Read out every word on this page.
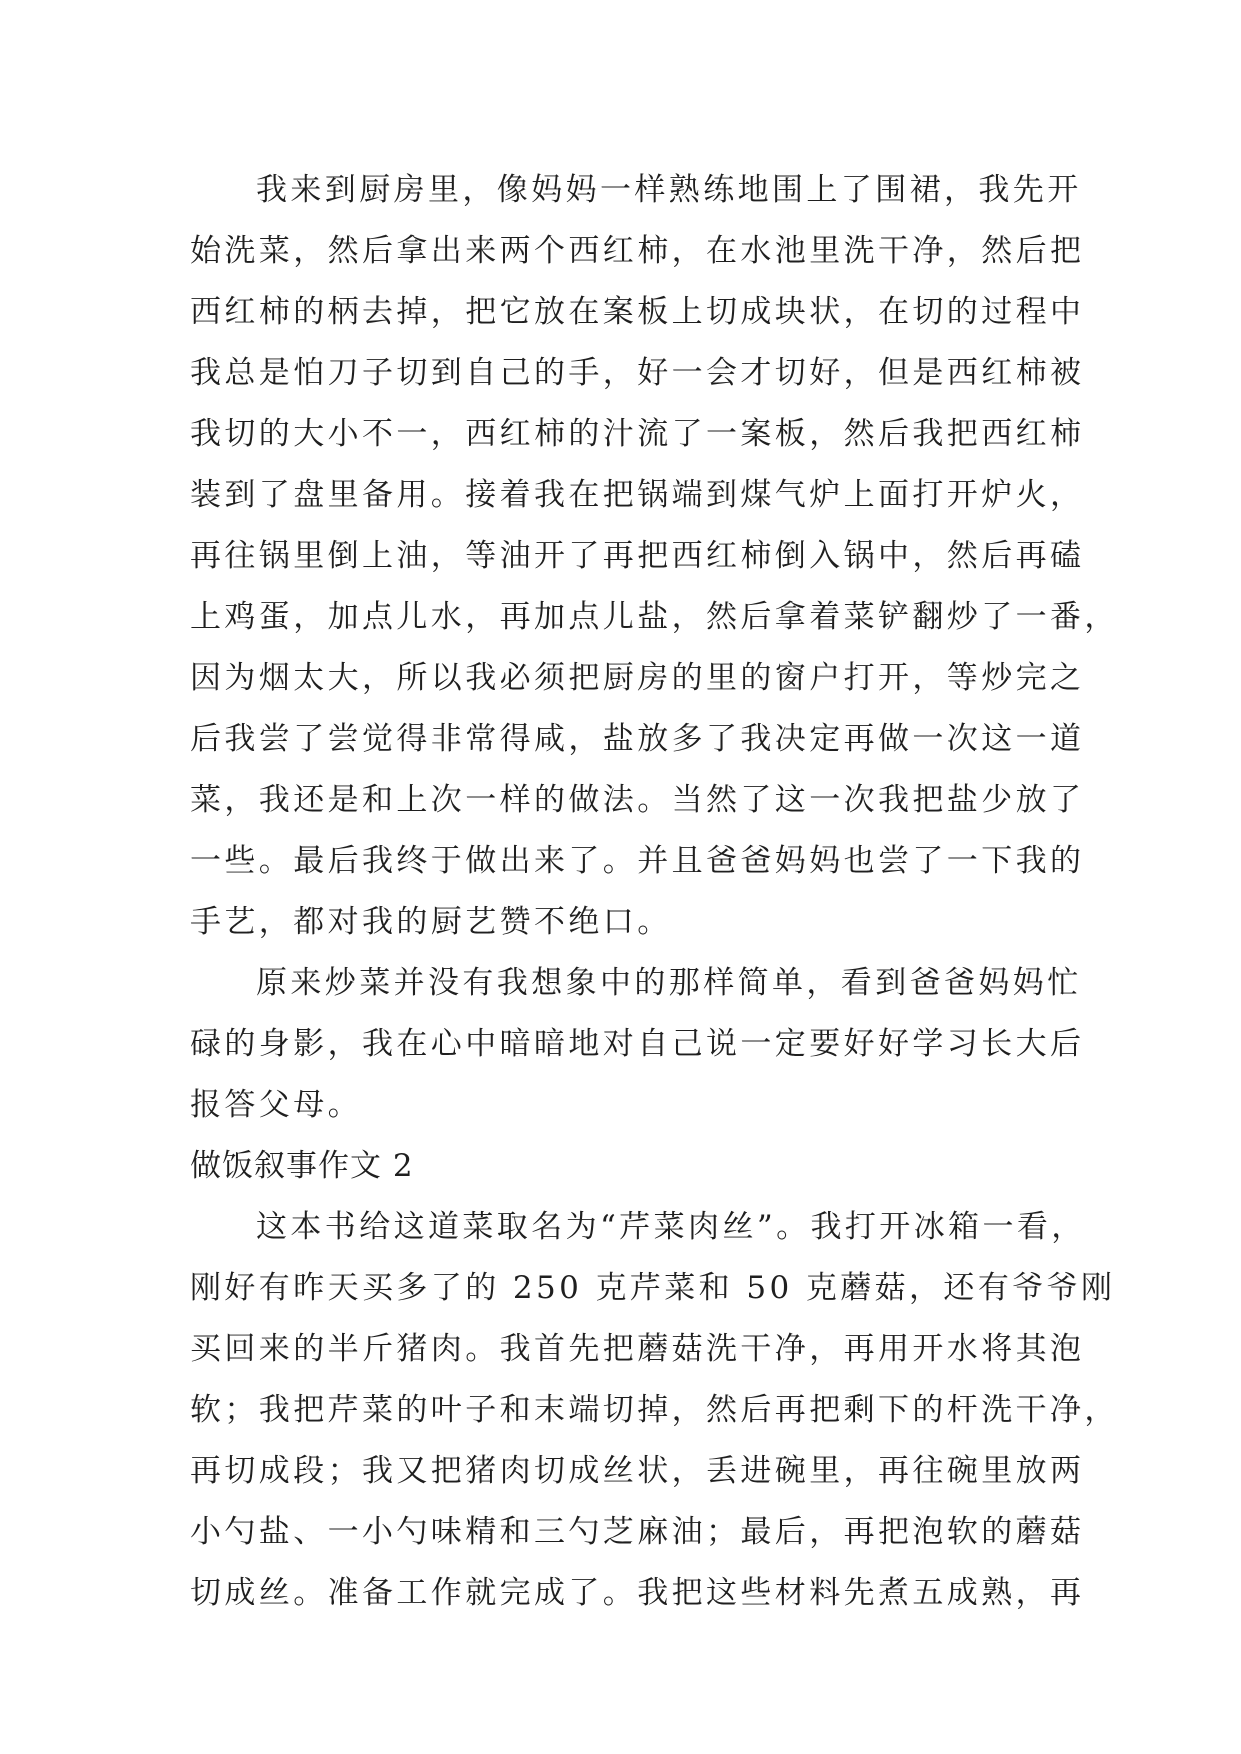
我来到厨房里，像妈妈一样熟练地围上了围裙，我先开
始洗菜，然后拿出来两个西红柿，在水池里洗干净，然后把
西红柿的柄去掉，把它放在案板上切成块状，在切的过程中
我总是怕刀子切到自己的手，好一会才切好，但是西红柿被
我切的大小不一，西红柿的汁流了一案板，然后我把西红柿
装到了盘里备用。接着我在把锅端到煤气炉上面打开炉火，
再往锅里倒上油，等油开了再把西红柿倒入锅中，然后再磕
上鸡蛋，加点儿水，再加点儿盐，然后拿着菜铲翻炒了一番，
因为烟太大，所以我必须把厨房的里的窗户打开，等炒完之
后我尝了尝觉得非常得咸，盐放多了我决定再做一次这一道
菜，我还是和上次一样的做法。当然了这一次我把盐少放了
一些。最后我终于做出来了。并且爸爸妈妈也尝了一下我的
手艺，都对我的厨艺赞不绝口。
原来炒菜并没有我想象中的那样简单，看到爸爸妈妈忙
碌的身影，我在心中暗暗地对自己说一定要好好学习长大后
报答父母。
做饭叙事作文 2
这本书给这道菜取名为“芹菜肉丝”。我打开冰箱一看，
刚好有昨天买多了的 250 克芹菜和 50 克蘑菇，还有爷爷刚
买回来的半斤猪肉。我首先把蘑菇洗干净，再用开水将其泡
软；我把芹菜的叶子和末端切掉，然后再把剩下的杆洗干净，
再切成段；我又把猪肉切成丝状，丢进碗里，再往碗里放两
小勺盐、一小勺味精和三勺芝麻油；最后，再把泡软的蘑菇
切成丝。准备工作就完成了。我把这些材料先煮五成熟，再
